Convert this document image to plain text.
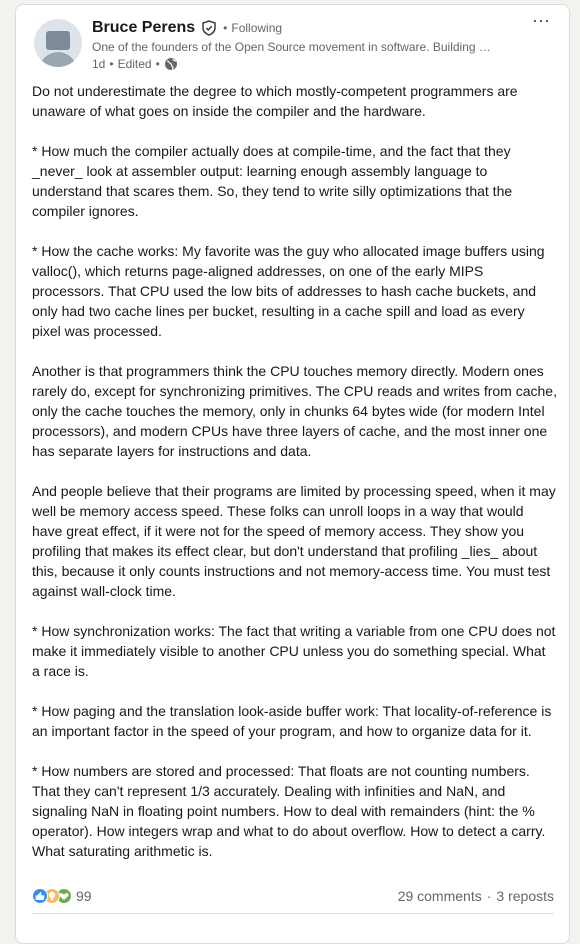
Bruce Perens • Following
One of the founders of the Open Source movement in software. Building …
1d • Edited •
···

Do not underestimate the degree to which mostly-competent programmers are unaware of what goes on inside the compiler and the hardware.

* How much the compiler actually does at compile-time, and the fact that they _never_ look at assembler output: learning enough assembly language to understand that scares them. So, they tend to write silly optimizations that the compiler ignores.

* How the cache works: My favorite was the guy who allocated image buffers using valloc(), which returns page-aligned addresses, on one of the early MIPS processors. That CPU used the low bits of addresses to hash cache buckets, and only had two cache lines per bucket, resulting in a cache spill and load as every pixel was processed.

Another is that programmers think the CPU touches memory directly. Modern ones rarely do, except for synchronizing primitives. The CPU reads and writes from cache, only the cache touches the memory, only in chunks 64 bytes wide (for modern Intel processors), and modern CPUs have three layers of cache, and the most inner one has separate layers for instructions and data.

And people believe that their programs are limited by processing speed, when it may well be memory access speed. These folks can unroll loops in a way that would have great effect, if it were not for the speed of memory access. They show you profiling that makes its effect clear, but don't understand that profiling _lies_ about this, because it only counts instructions and not memory-access time. You must test against wall-clock time.

* How synchronization works: The fact that writing a variable from one CPU does not make it immediately visible to another CPU unless you do something special. What a race is.

* How paging and the translation look-aside buffer work: That locality-of-reference is an important factor in the speed of your program, and how to organize data for it.

* How numbers are stored and processed: That floats are not counting numbers. That they can't represent 1/3 accurately. Dealing with infinities and NaN, and signaling NaN in floating point numbers. How to deal with remainders (hint: the % operator). How integers wrap and what to do about overflow. How to detect a carry. What saturating arithmetic is.

99	29 comments · 3 reposts
